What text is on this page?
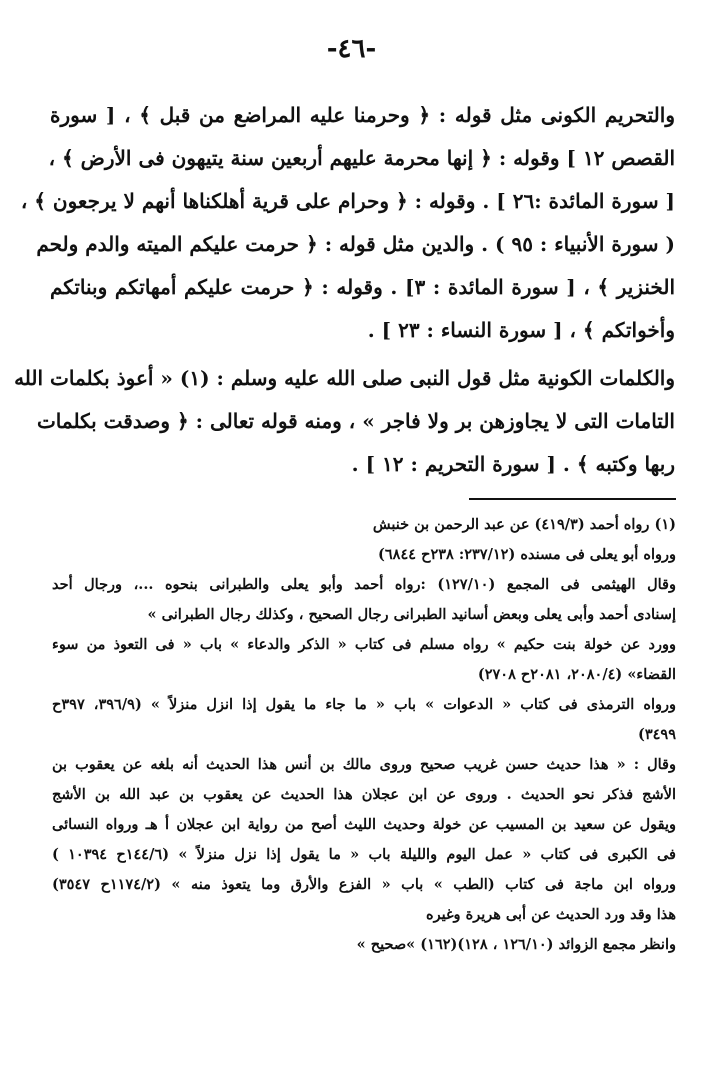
-٤٦-
والتحريم الكونى مثل قوله : ﴿ وحرمنا عليه المراضع من قبل ﴾ ، [ سورة
القصص ١٢ ] وقوله : ﴿ إنها محرمة عليهم أربعين سنة يتيهون فى الأرض ﴾ ،
[ سورة المائدة :٢٦ ] . وقوله : ﴿ وحرام على قرية أهلكناها أنهم لا يرجعون ﴾ ،
( سورة الأنبياء : ٩٥ ) . والدين مثل قوله : ﴿ حرمت عليكم الميته والدم ولحم
الخنزير ﴾ ، [ سورة المائدة : ٣] . وقوله : ﴿ حرمت عليكم أمهاتكم وبناتكم
وأخواتكم ﴾ ، [ سورة النساء : ٢٣ ] .
والكلمات الكونية مثل قول النبى صلى الله عليه وسلم : (١) « أعوذ بكلمات الله
التامات التى لا يجاوزهن بر ولا فاجر » ، ومنه قوله تعالى : ﴿ وصدقت بكلمات
ربها وكتبه ﴾ . [ سورة التحريم : ١٢ ] .
(١) رواه أحمد (٤١٩/٣) عن عبد الرحمن بن خنبش
ورواه أبو يعلى فى مسنده (٢٣٧/١٢: ٢٣٨ح ٦٨٤٤)
وقال الهيثمى فى المجمع (١٢٧/١٠) :رواه أحمد وأبو يعلى والطبرانى بنحوه ...، ورجال أحد
إسنادى أحمد وأبى يعلى وبعض أسانيد الطبرانى رجال الصحيح ، وكذلك رجال الطبرانى »
وورد عن خولة بنت حكيم » رواه مسلم فى كتاب « الذكر والدعاء » باب « فى التعوذ من سوء
القضاء» (٢٠٨٠/٤، ٢٠٨١ح ٢٧٠٨)
ورواه الترمذى فى كتاب « الدعوات » باب « ما جاء ما يقول إذا انزل منزلاً » (٣٩٦/٩، ٣٩٧ح
٣٤٩٩)
وقال : « هذا حديث حسن غريب صحيح وروى مالك بن أنس هذا الحديث أنه بلغه عن يعقوب بن
الأشج فذكر نحو الحديث . وروى عن ابن عجلان هذا الحديث عن يعقوب بن عبد الله بن الأشج
ويقول عن سعيد بن المسيب عن خولة وحديث الليث أصح من رواية ابن عجلان أ هـ ورواه النسائى
فى الكبرى فى كتاب « عمل اليوم والليلة باب « ما يقول إذا نزل منزلاً » (١٤٤/٦ح ١٠٣٩٤ )
ورواه ابن ماجة فى كتاب (الطب » باب « الفزع والأرق وما يتعوذ منه » (١١٧٤/٢ح ٣٥٤٧)
هذا وقد ورد الحديث عن أبى هريرة وغيره
وانظر مجمع الزوائد (١٢٦/١٠ ، ١٢٨)(١٦٢) »صحيح »
